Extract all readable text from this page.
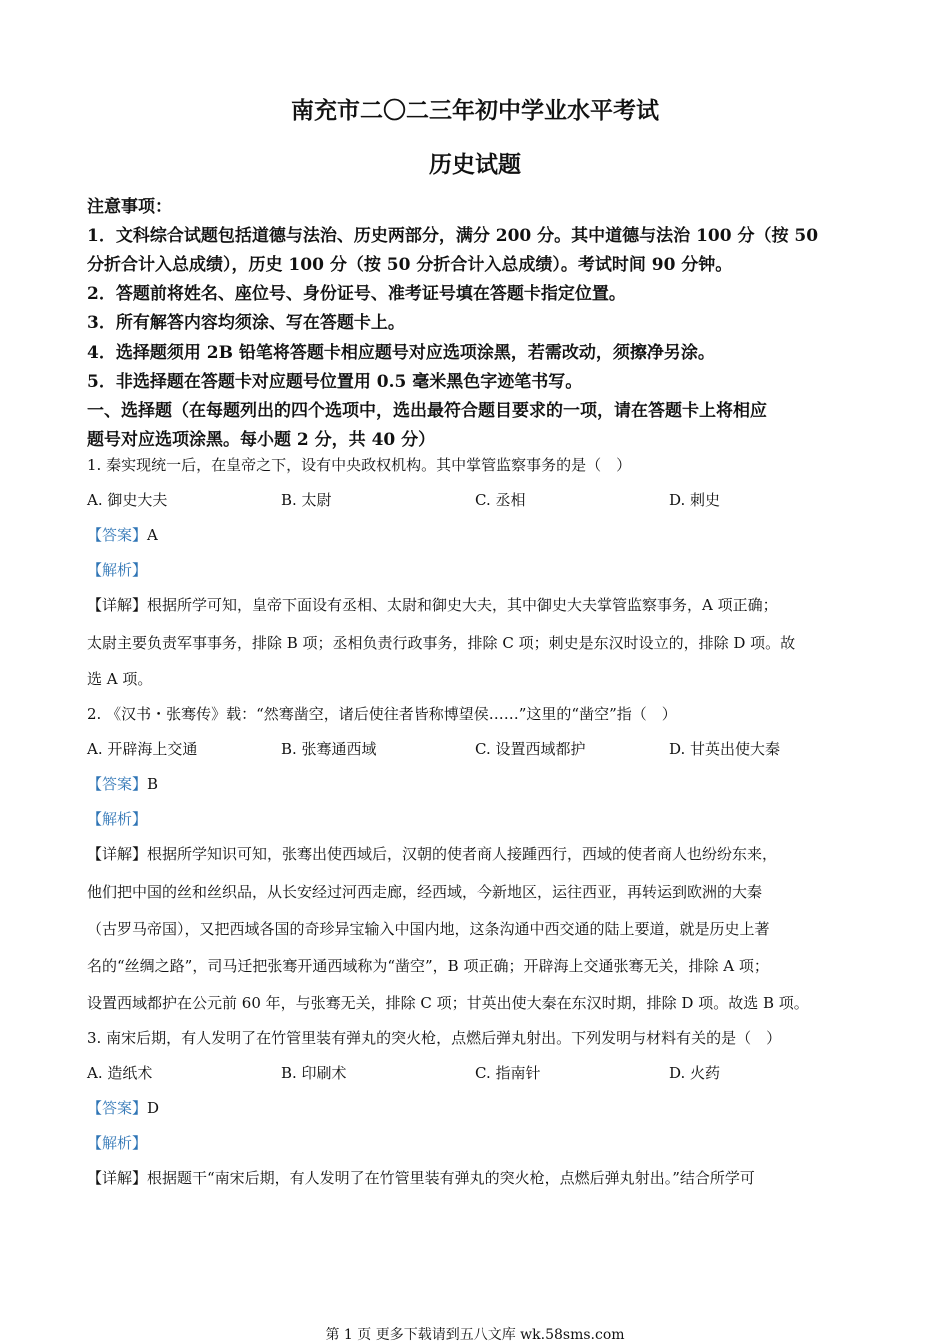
南充市二〇二三年初中学业水平考试
历史试题
注意事项：
1．文科综合试题包括道德与法治、历史两部分，满分 200 分。其中道德与法治 100 分（按 50
分折合计入总成绩），历史 100 分（按 50 分折合计入总成绩）。考试时间 90 分钟。
2．答题前将姓名、座位号、身份证号、准考证号填在答题卡指定位置。
3．所有解答内容均须涂、写在答题卡上。
4．选择题须用 2B 铅笔将答题卡相应题号对应选项涂黑，若需改动，须擦净另涂。
5．非选择题在答题卡对应题号位置用 0.5 毫米黑色字迹笔书写。
一、选择题（在每题列出的四个选项中，选出最符合题目要求的一项，请在答题卡上将相应
题号对应选项涂黑。每小题 2 分，共 40 分）
1. 秦实现统一后，在皇帝之下，设有中央政权机构。其中掌管监察事务的是（　）
A. 御史大夫	B. 太尉	C. 丞相	D. 刺史
【答案】A
【解析】
【详解】根据所学可知，皇帝下面设有丞相、太尉和御史大夫，其中御史大夫掌管监察事务，A 项正确；
太尉主要负责军事事务，排除 B 项；丞相负责行政事务，排除 C 项；刺史是东汉时设立的，排除 D 项。故
选 A 项。
2. 《汉书・张骞传》载：“然骞凿空，诸后使往者皆称博望侯……”这里的“凿空”指（　）
A. 开辟海上交通	B. 张骞通西域	C. 设置西域都护	D. 甘英出使大秦
【答案】B
【解析】
【详解】根据所学知识可知，张骞出使西域后，汉朝的使者商人接踵西行，西域的使者商人也纷纷东来，
他们把中国的丝和丝织品，从长安经过河西走廊，经西域，今新地区，运往西亚，再转运到欧洲的大秦
（古罗马帝国），又把西域各国的奇珍异宝输入中国内地，这条沟通中西交通的陆上要道，就是历史上著
名的“丝绸之路”，司马迁把张骞开通西域称为“凿空”，B 项正确；开辟海上交通张骞无关，排除 A 项；
设置西域都护在公元前 60 年，与张骞无关，排除 C 项；甘英出使大秦在东汉时期，排除 D 项。故选 B 项。
3. 南宋后期，有人发明了在竹管里装有弹丸的突火枪，点燃后弹丸射出。下列发明与材料有关的是（　）
A. 造纸术	B. 印刷术	C. 指南针	D. 火药
【答案】D
【解析】
【详解】根据题干“南宋后期，有人发明了在竹管里装有弹丸的突火枪，点燃后弹丸射出。”结合所学可
第 1 页 更多下载请到五八文库 wk.58sms.com
